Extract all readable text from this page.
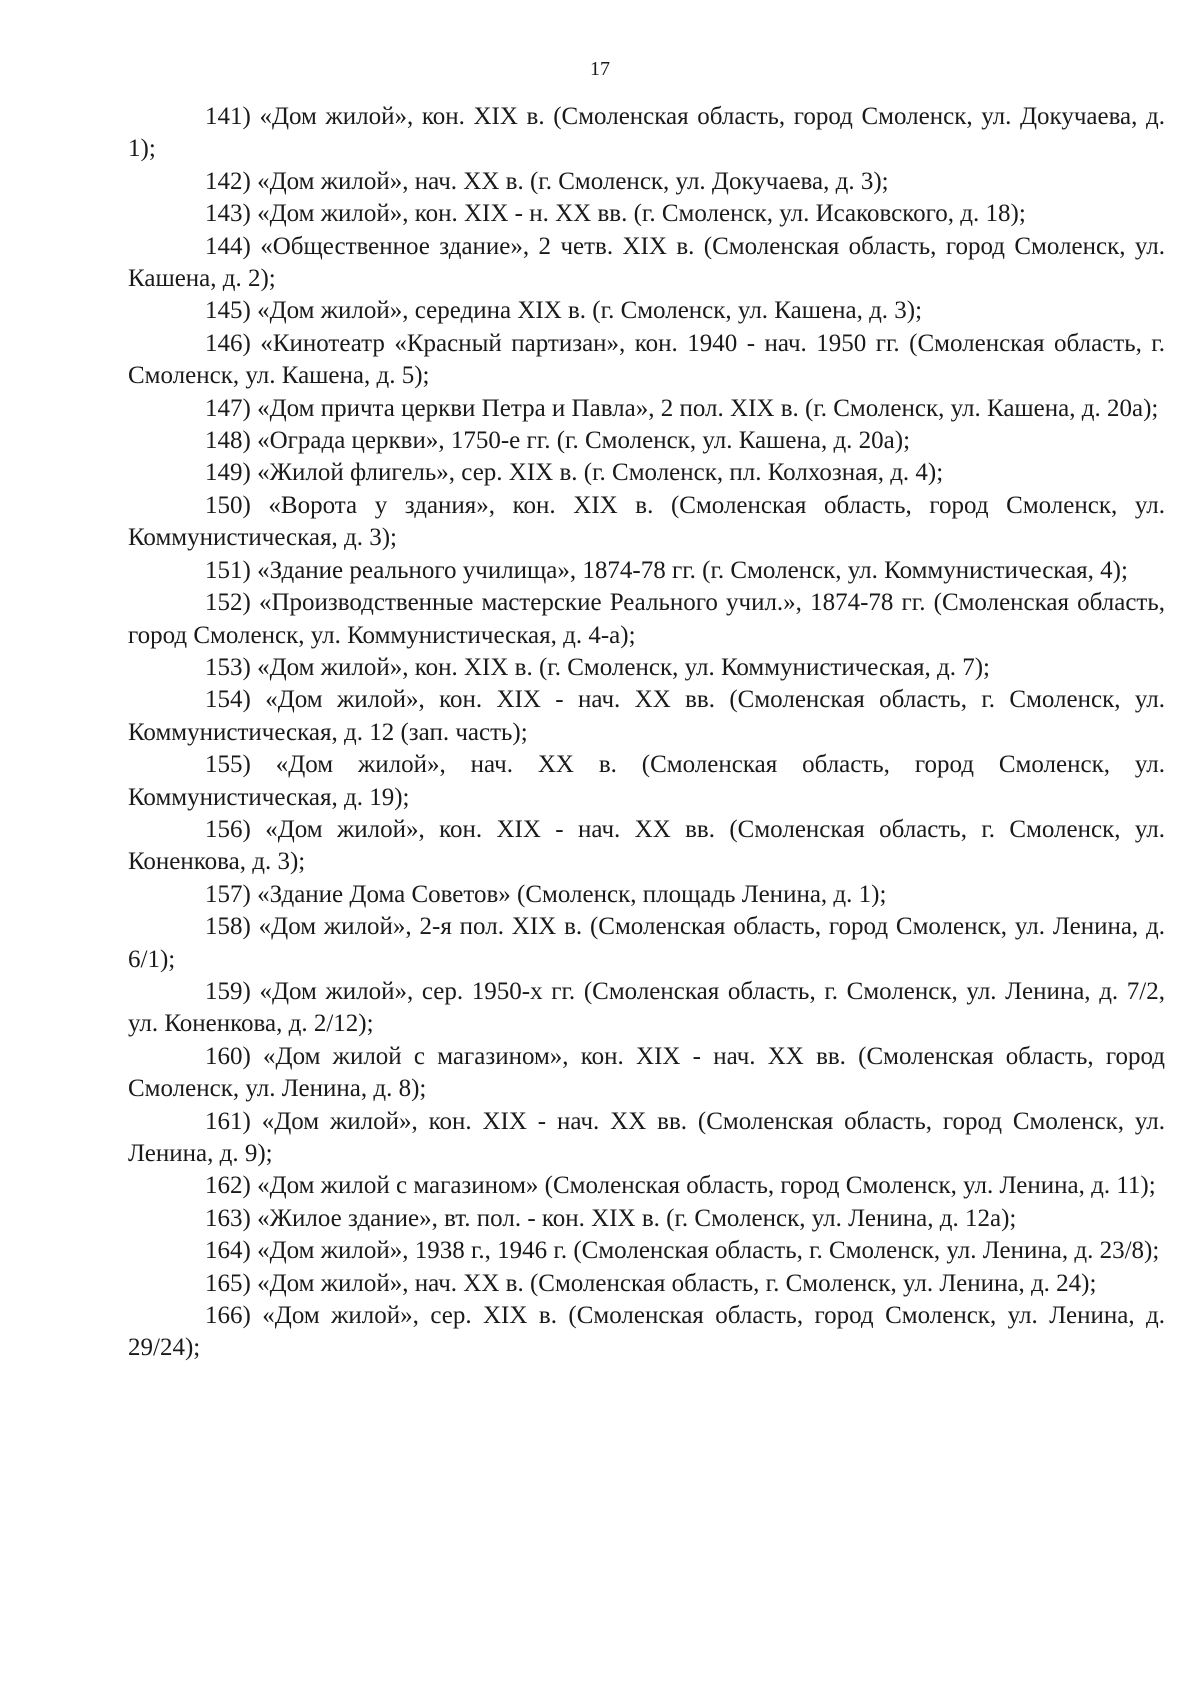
17

141) «Дом жилой», кон. XIX в. (Смоленская область, город Смоленск, ул. Докучаева, д. 1);

142) «Дом жилой», нач. XX в. (г. Смоленск, ул. Докучаева, д. 3);

143) «Дом жилой», кон. XIX - н. XX вв. (г. Смоленск, ул. Исаковского, д. 18);

144) «Общественное здание», 2 четв. XIX в. (Смоленская область, город Смоленск, ул. Кашена, д. 2);

145) «Дом жилой», середина XIX в. (г. Смоленск, ул. Кашена, д. 3);

146) «Кинотеатр «Красный партизан», кон. 1940 - нач. 1950 гг. (Смоленская область, г. Смоленск, ул. Кашена, д. 5);

147) «Дом причта церкви Петра и Павла», 2 пол. XIX в. (г. Смоленск, ул. Кашена, д. 20а);

148) «Ограда церкви», 1750-е гг. (г. Смоленск, ул. Кашена, д. 20а);

149) «Жилой флигель», сер. XIX в. (г. Смоленск, пл. Колхозная, д. 4);

150) «Ворота у здания», кон. XIX в. (Смоленская область, город Смоленск, ул. Коммунистическая, д. 3);

151) «Здание реального училища», 1874-78 гг. (г. Смоленск, ул. Коммунистическая, 4);

152) «Производственные мастерские Реального учил.», 1874-78 гг. (Смоленская область, город Смоленск, ул. Коммунистическая, д. 4-а);

153) «Дом жилой», кон. XIX в. (г. Смоленск, ул. Коммунистическая, д. 7);

154) «Дом жилой», кон. XIX - нач. XX вв. (Смоленская область, г. Смоленск, ул. Коммунистическая, д. 12 (зап. часть);

155) «Дом жилой», нач. XX в. (Смоленская область, город Смоленск, ул. Коммунистическая, д. 19);

156) «Дом жилой», кон. XIX - нач. XX вв. (Смоленская область, г. Смоленск, ул. Коненкова, д. 3);

157) «Здание Дома Советов» (Смоленск, площадь Ленина, д. 1);

158) «Дом жилой», 2-я пол. XIX в. (Смоленская область, город Смоленск, ул. Ленина, д. 6/1);

159) «Дом жилой», сер. 1950-х гг. (Смоленская область, г. Смоленск, ул. Ленина, д. 7/2, ул. Коненкова, д. 2/12);

160) «Дом жилой с магазином», кон. XIX - нач. XX вв. (Смоленская область, город Смоленск, ул. Ленина, д. 8);

161) «Дом жилой», кон. XIX - нач. XX вв. (Смоленская область, город Смоленск, ул. Ленина, д. 9);

162) «Дом жилой с магазином» (Смоленская область, город Смоленск, ул. Ленина, д. 11);

163) «Жилое здание», вт. пол. - кон. XIX в. (г. Смоленск, ул. Ленина, д. 12а);

164) «Дом жилой», 1938 г., 1946 г. (Смоленская область, г. Смоленск, ул. Ленина, д. 23/8);

165) «Дом жилой», нач. XX в. (Смоленская область, г. Смоленск, ул. Ленина, д. 24);

166) «Дом жилой», сер. XIX в. (Смоленская область, город Смоленск, ул. Ленина, д. 29/24);
